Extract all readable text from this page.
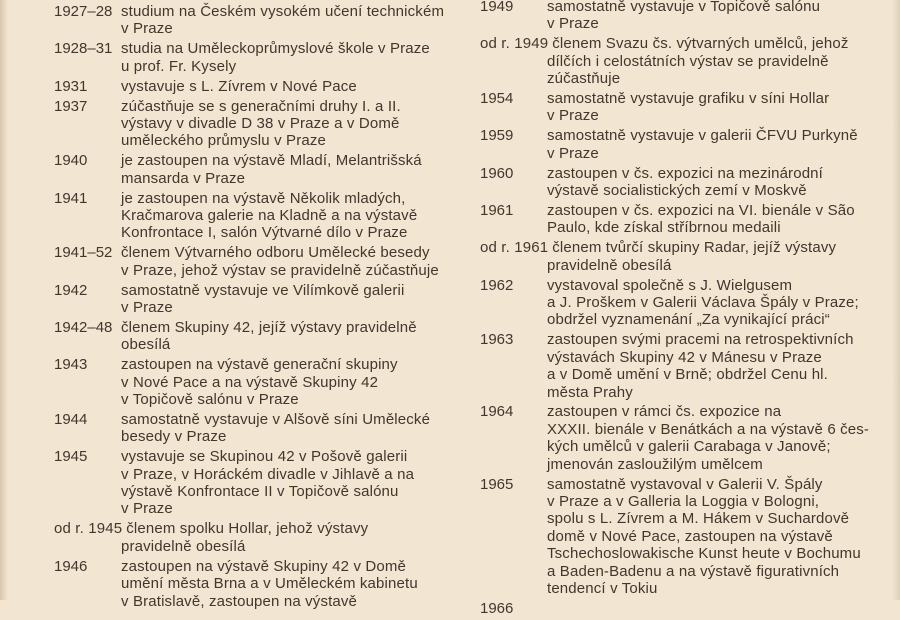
1927–28 studium na Českém vysokém učení technickém
v Praze
1928–31 studia na Uměleckoprůmyslové škole v Praze
u prof. Fr. Kysely
1931 vystavuje s L. Zívrem v Nové Pace
1937 zúčastňuje se s generačními druhy I. a II.
výstavy v divadle D 38 v Praze a v Domě
uměleckého průmyslu v Praze
1940 je zastoupen na výstavě Mladí, Melantrišská
mansarda v Praze
1941 je zastoupen na výstavě Několik mladých,
Kračmarova galerie na Kladně a na výstavě
Konfrontace I, salón Výtvarné dílo v Praze
1941–52 členem Výtvarného odboru Umělecké besedy
v Praze, jehož výstav se pravidelně zúčastňuje
1942 samostatně vystavuje ve Vilímkově galerii
v Praze
1942–48 členem Skupiny 42, jejíž výstavy pravidelně
obesílá
1943 zastoupen na výstavě generační skupiny
v Nové Pace a na výstavě Skupiny 42
v Topičově salónu v Praze
1944 samostatně vystavuje v Alšově síni Umělecké
besedy v Praze
1945 vystavuje se Skupinou 42 v Pošově galerii
v Praze, v Horáckém divadle v Jihlavě a na
výstavě Konfrontace II v Topičově salónu
v Praze
od r. 1945 členem spolku Hollar, jehož výstavy
pravidelně obesílá
1946 zastoupen na výstavě Skupiny 42 v Domě
umění města Brna a v Uměleckém kabinetu
v Bratislavě, zastoupen na výstavě
1949 samostatně vystavuje v Topičově salónu
v Praze
od r. 1949 členem Svazu čs. výtvarných umělců, jehož
dílčích i celostátních výstav se pravidelně
zúčastňuje
1954 samostatně vystavuje grafiku v síni Hollar
v Praze
1959 samostatně vystavuje v galerii ČFVU Purkyně
v Praze
1960 zastoupen v čs. expozici na mezinárodní
výstavě socialistických zemí v Moskvě
1961 zastoupen v čs. expozici na VI. bienále v São
Paulo, kde získal stříbrnou medaili
od r. 1961 členem tvůrčí skupiny Radar, jejíž výstavy
pravidelně obesílá
1962 vystavoval společně s J. Wielgusem
a J. Proškem v Galerii Václava Špály v Praze;
obdržel vyznamenání „Za vynikající práci“
1963 zastoupen svými pracemi na retrospektivních
výstavách Skupiny 42 v Mánesu v Praze
a v Domě umění v Brně; obdržel Cenu hl.
města Prahy
1964 zastoupen v rámci čs. expozice na
XXXII. bienále v Benátkách a na výstavě 6 čes-
kých umělců v galerii Carabaga v Janově;
jmenován zasloužilým umělcem
1965 samostatně vystavoval v Galerii V. Špály
v Praze a v Galleria la Loggia v Bologni,
spolu s L. Zívrem a M. Hákem v Suchardově
domě v Nové Pace, zastoupen na výstavě
Tschechoslowakische Kunst heute v Bochumu
a Baden-Badenu a na výstavě figurativních
tendencí v Tokiu
1966
